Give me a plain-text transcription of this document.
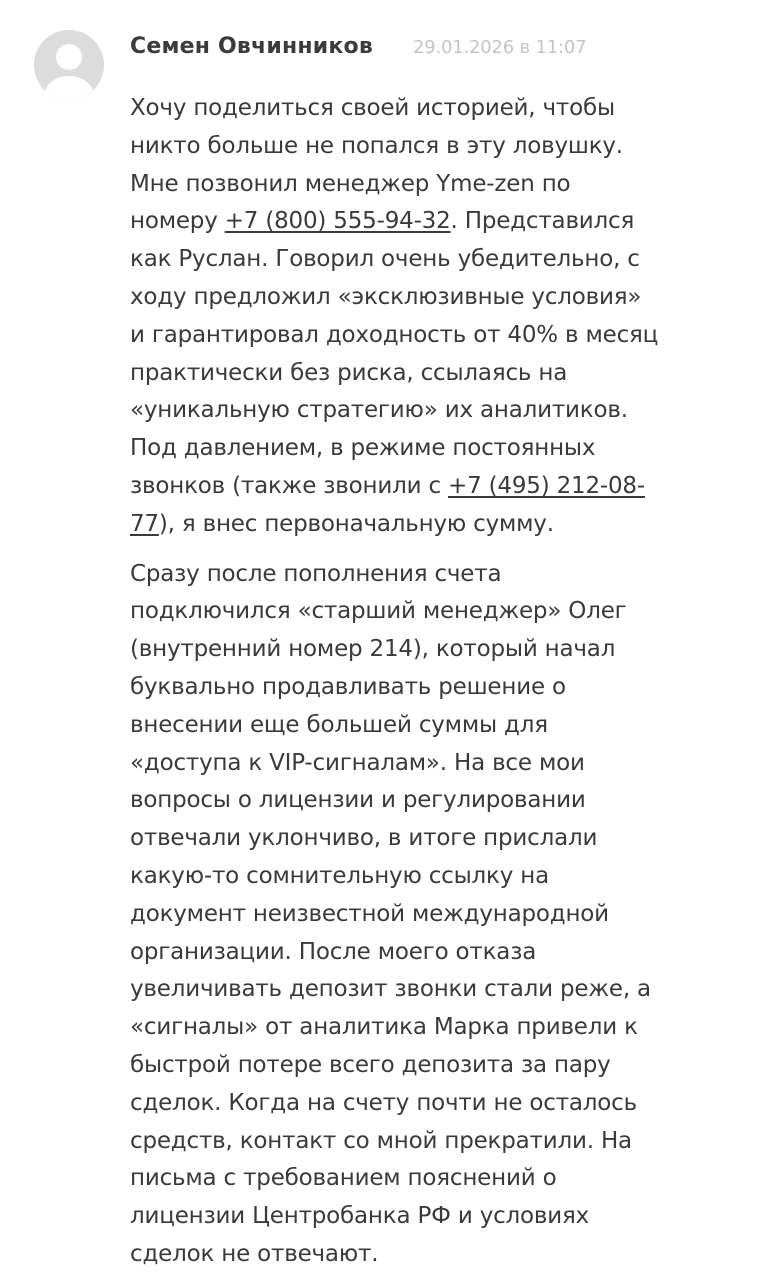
Семен Овчинников 29.01.2026 в 11:07

Хочу поделиться своей историей, чтобы
никто больше не попался в эту ловушку.
Мне позвонил менеджер Yme-zen по
номеру +7 (800) 555-94-32. Представился
как Руслан. Говорил очень убедительно, с
ходу предложил «эксклюзивные условия»
и гарантировал доходность от 40% в месяц
практически без риска, ссылаясь на
«уникальную стратегию» их аналитиков.
Под давлением, в режиме постоянных
звонков (также звонили с +7 (495) 212-08-
77), я внес первоначальную сумму.

Сразу после пополнения счета
подключился «старший менеджер» Олег
(внутренний номер 214), который начал
буквально продавливать решение о
внесении еще большей суммы для
«доступа к VIP-сигналам». На все мои
вопросы о лицензии и регулировании
отвечали уклончиво, в итоге прислали
какую-то сомнительную ссылку на
документ неизвестной международной
организации. После моего отказа
увеличивать депозит звонки стали реже, а
«сигналы» от аналитика Марка привели к
быстрой потере всего депозита за пару
сделок. Когда на счету почти не осталось
средств, контакт со мной прекратили. На
письма с требованием пояснений о
лицензии Центробанка РФ и условиях
сделок не отвечают.
